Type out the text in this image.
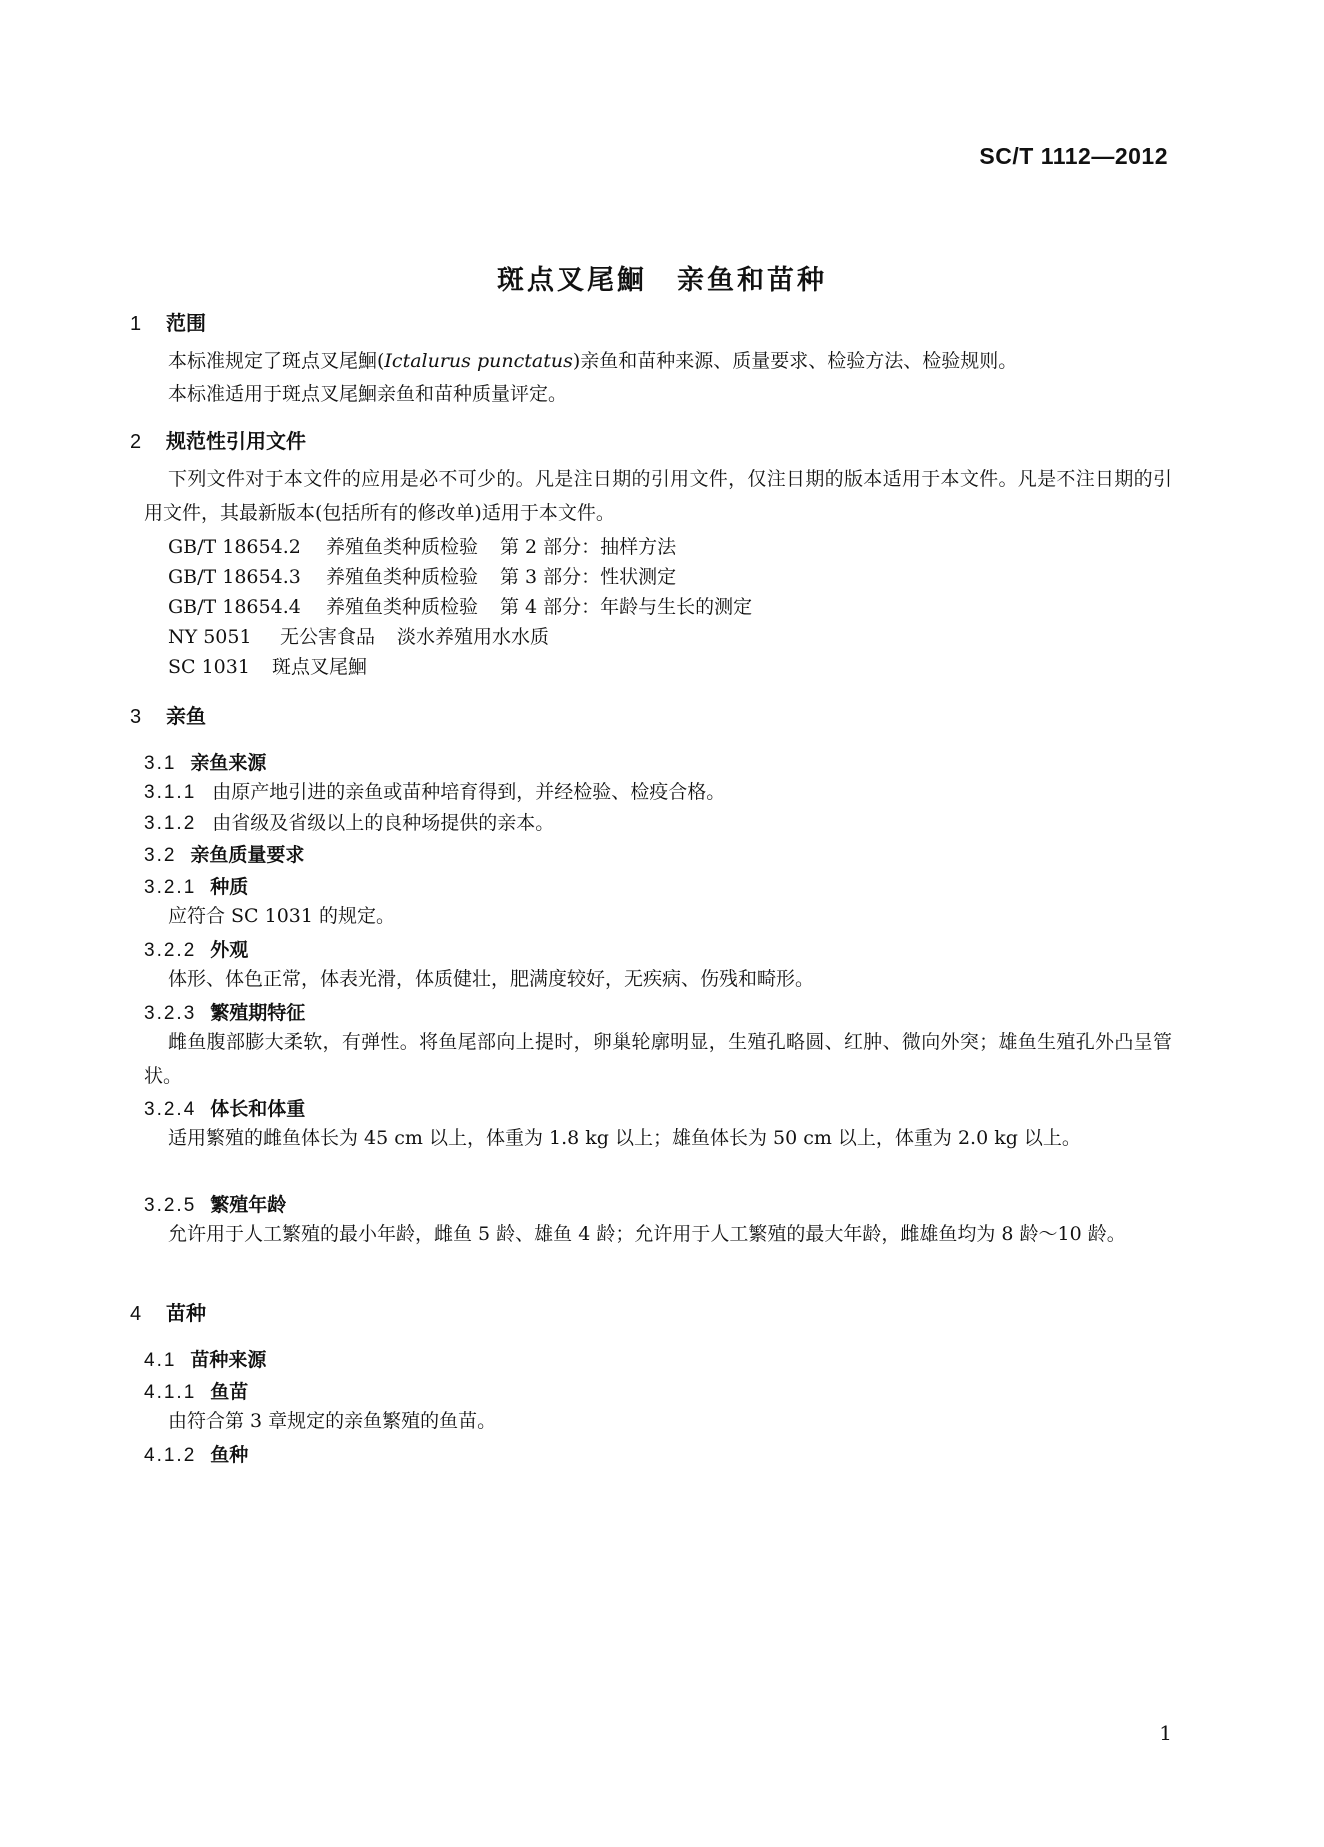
SC/T 1112—2012
斑点叉尾鮰　亲鱼和苗种
1 范围
本标准规定了斑点叉尾鮰(Ictalurus punctatus)亲鱼和苗种来源、质量要求、检验方法、检验规则。
本标准适用于斑点叉尾鮰亲鱼和苗种质量评定。
2 规范性引用文件
下列文件对于本文件的应用是必不可少的。凡是注日期的引用文件，仅注日期的版本适用于本文件。凡是不注日期的引用文件，其最新版本(包括所有的修改单)适用于本文件。
GB/T 18654.2 养殖鱼类种质检验 第 2 部分：抽样方法
GB/T 18654.3 养殖鱼类种质检验 第 3 部分：性状测定
GB/T 18654.4 养殖鱼类种质检验 第 4 部分：年龄与生长的测定
NY 5051 无公害食品 淡水养殖用水水质
SC 1031 斑点叉尾鮰
3 亲鱼
3.1 亲鱼来源
3.1.1 由原产地引进的亲鱼或苗种培育得到，并经检验、检疫合格。
3.1.2 由省级及省级以上的良种场提供的亲本。
3.2 亲鱼质量要求
3.2.1 种质
应符合 SC 1031 的规定。
3.2.2 外观
体形、体色正常，体表光滑，体质健壮，肥满度较好，无疾病、伤残和畸形。
3.2.3 繁殖期特征
雌鱼腹部膨大柔软，有弹性。将鱼尾部向上提时，卵巢轮廓明显，生殖孔略圆、红肿、微向外突；雄鱼生殖孔外凸呈管状。
3.2.4 体长和体重
适用繁殖的雌鱼体长为 45 cm 以上，体重为 1.8 kg 以上；雄鱼体长为 50 cm 以上，体重为 2.0 kg 以上。
3.2.5 繁殖年龄
允许用于人工繁殖的最小年龄，雌鱼 5 龄、雄鱼 4 龄；允许用于人工繁殖的最大年龄，雌雄鱼均为 8 龄～10 龄。
4 苗种
4.1 苗种来源
4.1.1 鱼苗
由符合第 3 章规定的亲鱼繁殖的鱼苗。
4.1.2 鱼种
1
